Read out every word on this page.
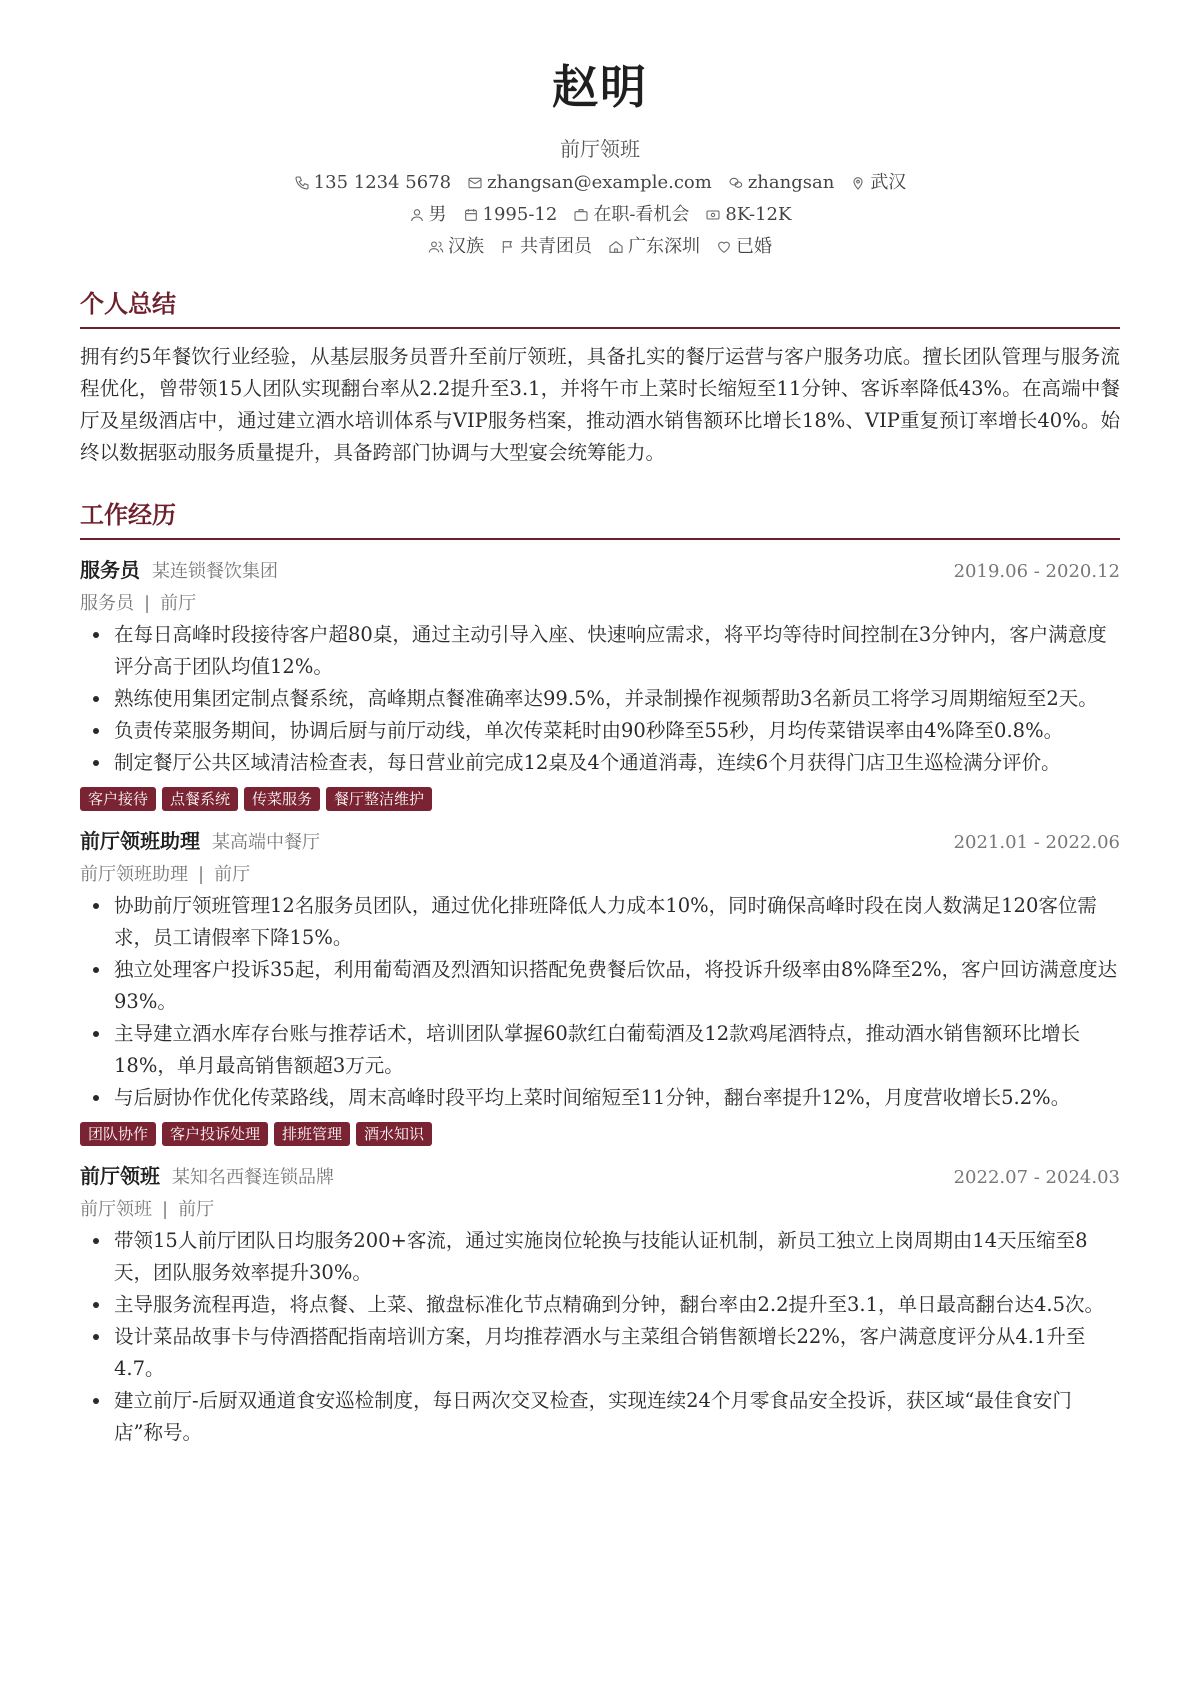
赵明
前厅领班
135 1234 5678 zhangsan@example.com zhangsan 武汉
男 1995-12 在职-看机会 8K-12K
汉族 共青团员 广东深圳 已婚
个人总结
拥有约5年餐饮行业经验，从基层服务员晋升至前厅领班，具备扎实的餐厅运营与客户服务功底。擅长团队管理与服务流程优化，曾带领15人团队实现翻台率从2.2提升至3.1，并将午市上菜时长缩短至11分钟、客诉率降低43%。在高端中餐厅及星级酒店中，通过建立酒水培训体系与VIP服务档案，推动酒水销售额环比增长18%、VIP重复预订率增长40%。始终以数据驱动服务质量提升，具备跨部门协调与大型宴会统筹能力。
工作经历
服务员 某连锁餐饮集团	2019.06 - 2020.12
服务员 | 前厅
• 在每日高峰时段接待客户超80桌，通过主动引导入座、快速响应需求，将平均等待时间控制在3分钟内，客户满意度评分高于团队均值12%。
• 熟练使用集团定制点餐系统，高峰期点餐准确率达99.5%，并录制操作视频帮助3名新员工将学习周期缩短至2天。
• 负责传菜服务期间，协调后厨与前厅动线，单次传菜耗时由90秒降至55秒，月均传菜错误率由4%降至0.8%。
• 制定餐厅公共区域清洁检查表，每日营业前完成12桌及4个通道消毒，连续6个月获得门店卫生巡检满分评价。
客户接待	点餐系统	传菜服务	餐厅整洁维护
前厅领班助理 某高端中餐厅	2021.01 - 2022.06
前厅领班助理 | 前厅
• 协助前厅领班管理12名服务员团队，通过优化排班降低人力成本10%，同时确保高峰时段在岗人数满足120客位需求，员工请假率下降15%。
• 独立处理客户投诉35起，利用葡萄酒及烈酒知识搭配免费餐后饮品，将投诉升级率由8%降至2%，客户回访满意度达93%。
• 主导建立酒水库存台账与推荐话术，培训团队掌握60款红白葡萄酒及12款鸡尾酒特点，推动酒水销售额环比增长18%，单月最高销售额超3万元。
• 与后厨协作优化传菜路线，周末高峰时段平均上菜时间缩短至11分钟，翻台率提升12%，月度营收增长5.2%。
团队协作	客户投诉处理	排班管理	酒水知识
前厅领班 某知名西餐连锁品牌	2022.07 - 2024.03
前厅领班 | 前厅
• 带领15人前厅团队日均服务200+客流，通过实施岗位轮换与技能认证机制，新员工独立上岗周期由14天压缩至8天，团队服务效率提升30%。
• 主导服务流程再造，将点餐、上菜、撤盘标准化节点精确到分钟，翻台率由2.2提升至3.1，单日最高翻台达4.5次。
• 设计菜品故事卡与侍酒搭配指南培训方案，月均推荐酒水与主菜组合销售额增长22%，客户满意度评分从4.1升至4.7。
• 建立前厅-后厨双通道食安巡检制度，每日两次交叉检查，实现连续24个月零食品安全投诉，获区域“最佳食安门店”称号。
